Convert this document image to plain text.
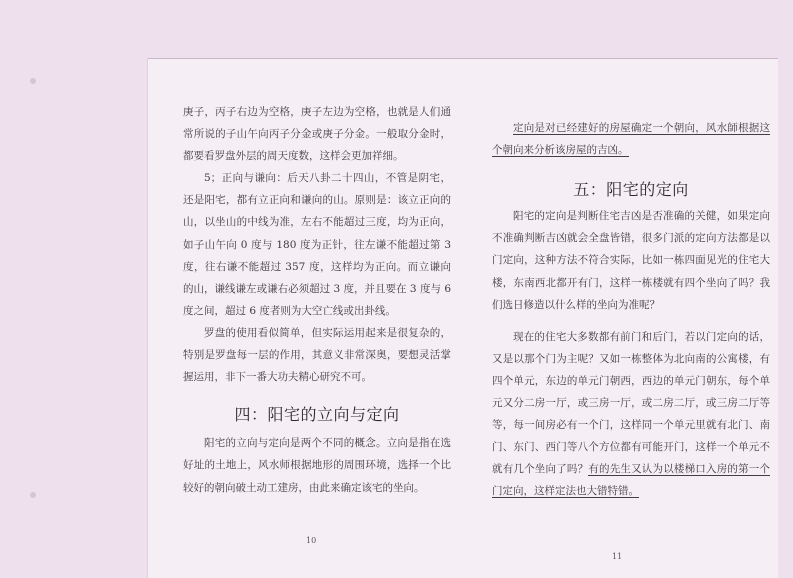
庚子，丙子右边为空格，庚子左边为空格，也就是人们通常所说的子山午向丙子分金或庚子分金。一般取分金时，都要看罗盘外层的周天度数，这样会更加祥细。

5；正向与谦向：后天八卦二十四山，不管是阴宅，还是阳宅，都有立正向和谦向的山。原则是：该立正向的山，以坐山的中线为准，左右不能超过三度，均为正向，如子山午向 0 度与 180 度为正针，往左谦不能超过第 3 度，往右谦不能超过 357 度，这样均为正向。而立谦向的山，谦线谦左或谦右必须超过 3 度，并且要在 3 度与 6 度之间，超过 6 度者则为大空亡线或出卦线。

罗盘的使用看似简单，但实际运用起来是很复杂的，特别是罗盘每一层的作用，其意义非常深奥，要想灵活掌握运用，非下一番大功夫精心研究不可。

四：阳宅的立向与定向

阳宅的立向与定向是两个不同的概念。立向是指在选好址的土地上，风水师根据地形的周围环境，选择一个比较好的朝向破土动工建房，由此来确定该宅的坐向。

10

定向是对已经建好的房屋确定一个朝向，风水師根据这个朝向来分析该房屋的吉凶。

五：阳宅的定向

阳宅的定向是判断住宅吉凶是否准确的关健，如果定向不准确判断吉凶就会全盘皆错，很多门派的定向方法都是以门定向，这种方法不符合实际，比如一栋四面见光的住宅大楼，东南西北都开有门，这样一栋楼就有四个坐向了吗？我们选日修造以什么样的坐向为准呢？

现在的住宅大多数都有前门和后门，若以门定向的话，又是以那个门为主呢？又如一栋整体为北向南的公寓楼，有四个单元，东边的单元门朝西，西边的单元门朝东，每个单元又分二房一厅，或三房一厅，或二房二厅，或三房二厅等等，每一间房必有一个门，这样同一个单元里就有北门、南门、东门、西门等八个方位都有可能开门，这样一个单元不就有几个坐向了吗？有的先生又认为以楼梯口入房的第一个门定向，这样定法也大错特错。

11
